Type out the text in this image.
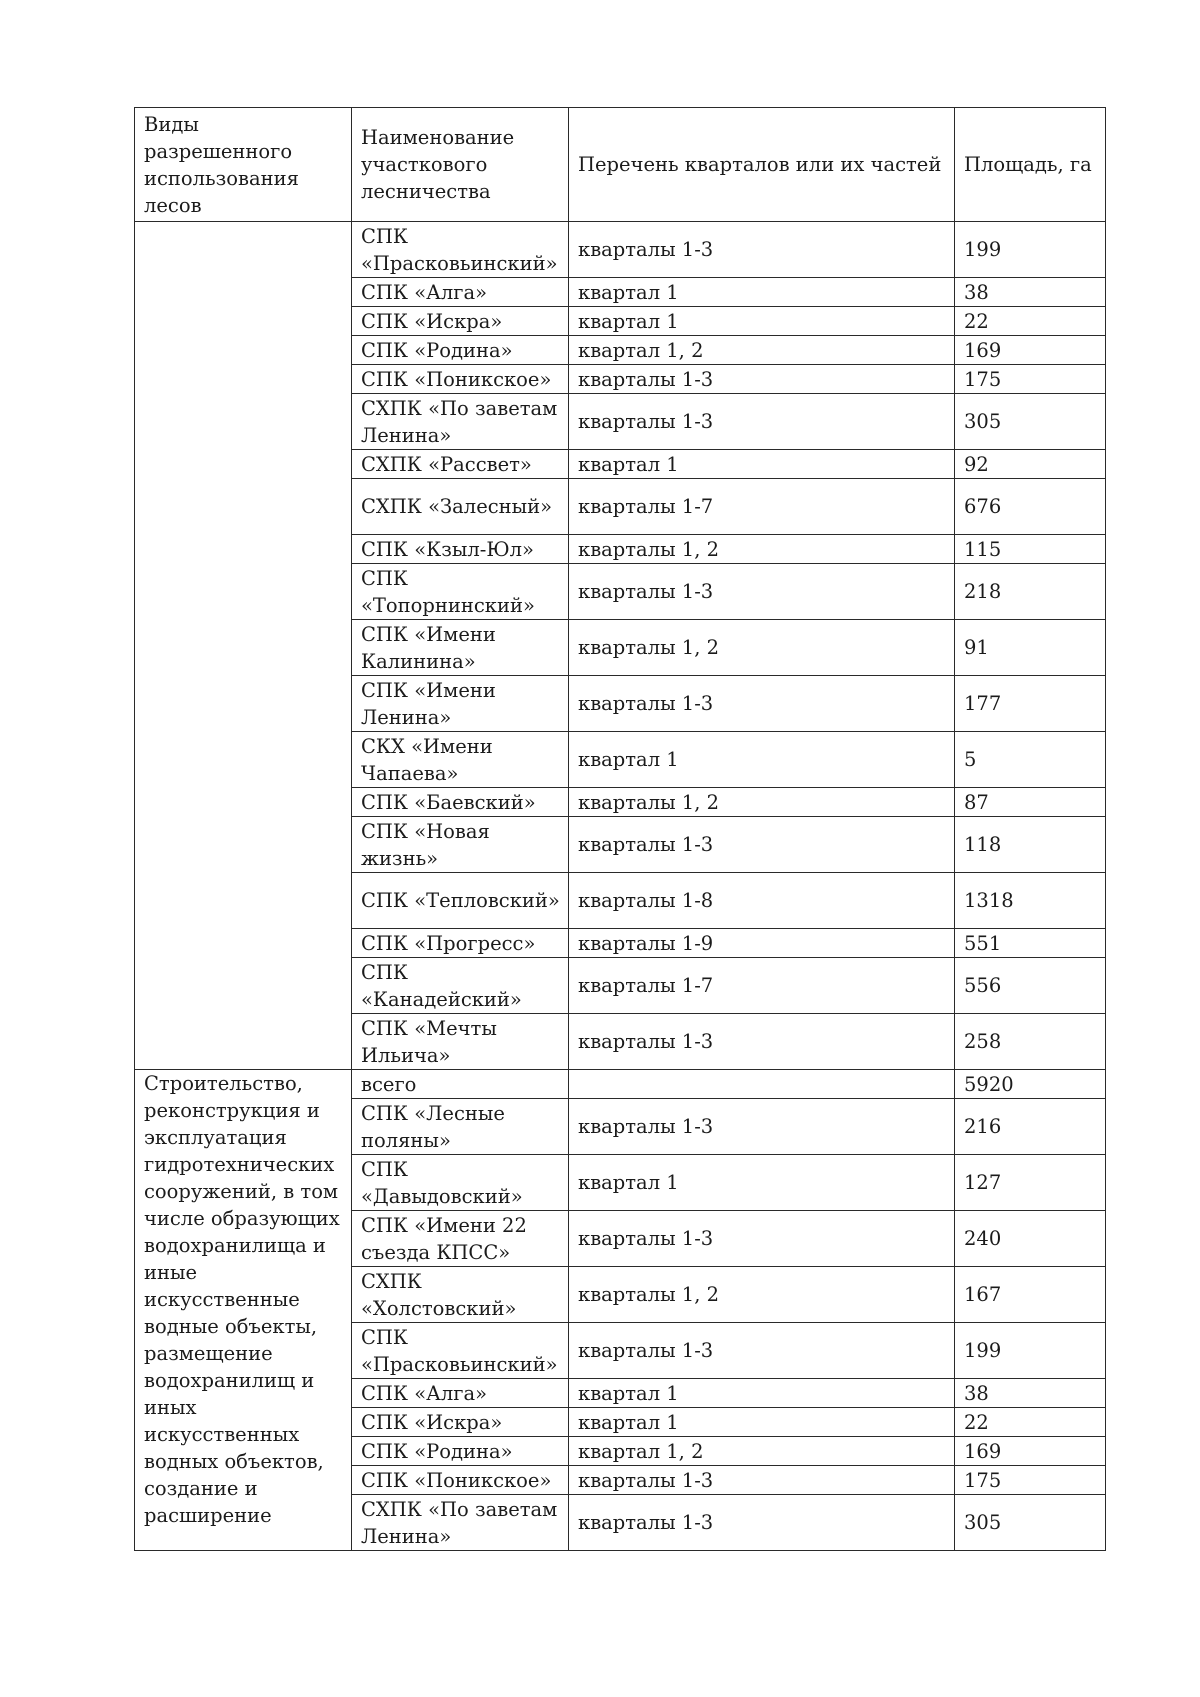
Виды разрешенного использования лесов	Наименование участкового лесничества	Перечень кварталов или их частей	Площадь, га
	СПК «Прасковьинский»	кварталы 1-3	199
	СПК «Алга»	квартал 1	38
	СПК «Искра»	квартал 1	22
	СПК «Родина»	квартал 1, 2	169
	СПК «Поникское»	кварталы 1-3	175
	СХПК «По заветам Ленина»	кварталы 1-3	305
	СХПК «Рассвет»	квартал 1	92
	СХПК «Залесный»	кварталы 1-7	676
	СПК «Кзыл-Юл»	кварталы 1, 2	115
	СПК «Топорнинский»	кварталы 1-3	218
	СПК «Имени Калинина»	кварталы 1, 2	91
	СПК «Имени Ленина»	кварталы 1-3	177
	СКХ «Имени Чапаева»	квартал 1	5
	СПК «Баевский»	кварталы 1, 2	87
	СПК «Новая жизнь»	кварталы 1-3	118
	СПК «Тепловский»	кварталы 1-8	1318
	СПК «Прогресс»	кварталы 1-9	551
	СПК «Канадейский»	кварталы 1-7	556
	СПК «Мечты Ильича»	кварталы 1-3	258
Строительство, реконструкция и эксплуатация гидротехнических сооружений, в том числе образующих водохранилища и иные искусственные водные объекты, размещение водохранилищ и иных искусственных водных объектов, создание и расширение	всего		5920
	СПК «Лесные поляны»	кварталы 1-3	216
	СПК «Давыдовский»	квартал 1	127
	СПК «Имени 22 съезда КПСС»	кварталы 1-3	240
	СХПК «Холстовский»	кварталы 1, 2	167
	СПК «Прасковьинский»	кварталы 1-3	199
	СПК «Алга»	квартал 1	38
	СПК «Искра»	квартал 1	22
	СПК «Родина»	квартал 1, 2	169
	СПК «Поникское»	кварталы 1-3	175
	СХПК «По заветам Ленина»	кварталы 1-3	305
